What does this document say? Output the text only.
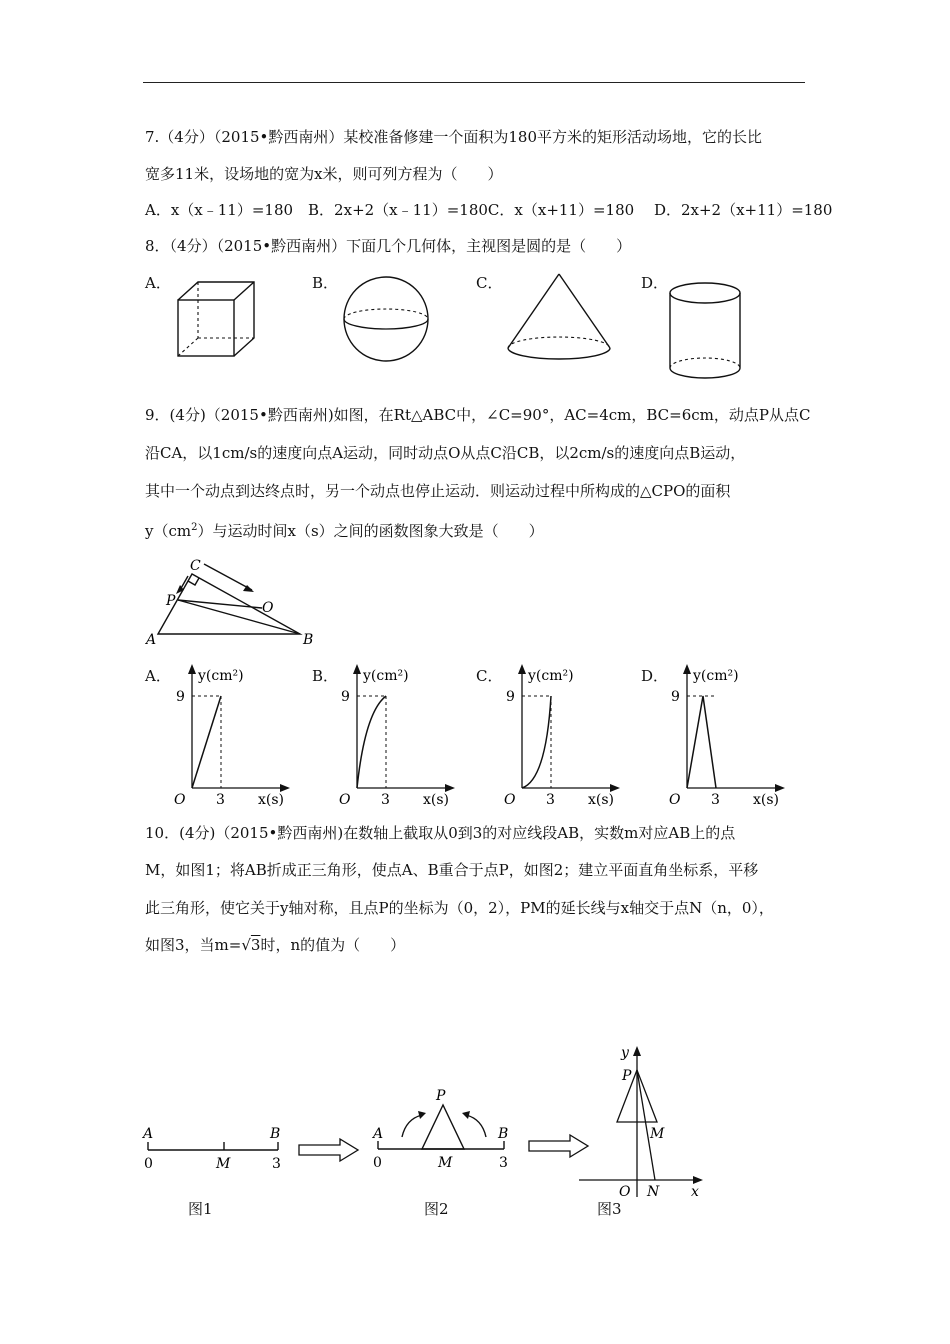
7.（4分）（2015•黔西南州）某校准备修建一个面积为180平方米的矩形活动场地，它的长比
宽多11米，设场地的宽为x米，则可列方程为（　　）
A．x（x﹣11）=180　B．2x+2（x﹣11）=180C．x（x+11）=180　 D．2x+2（x+11）=180
8．（4分）（2015•黔西南州）下面几个几何体，主视图是圆的是（　　）
A．	B．	C．	D．
9．(4分)（2015•黔西南州)如图，在Rt△ABC中，∠C=90°，AC=4cm，BC=6cm，动点P从点C
沿CA，以1cm/s的速度向点A运动，同时动点O从点C沿CB，以2cm/s的速度向点B运动，
其中一个动点到达终点时，另一个动点也停止运动．则运动过程中所构成的△CPO的面积
$y(cm^2)$与运动时间x（s）之间的函数图象大致是（　　）
C
P	O
A	B
A．	B．	C．	D．
y(cm²)
9
O 3 x(s)
y(cm²)
9
O 3 x(s)
y(cm²)
9
O 3 x(s)
y(cm²)
9
O 3 x(s)
10．(4分)（2015•黔西南州)在数轴上截取从0到3的对应线段AB，实数m对应AB上的点
M，如图1；将AB折成正三角形，使点A、B重合于点P，如图2；建立平面直角坐标系，平移
此三角形，使它关于y轴对称，且点P的坐标为（0，2），PM的延长线与x轴交于点N（n，0），
如图3，当m=√3时，n的值为（　　）
A	B
0	M	3
图1
P
A	B
0	M	3
图2
y
P
M
O N x
图3
